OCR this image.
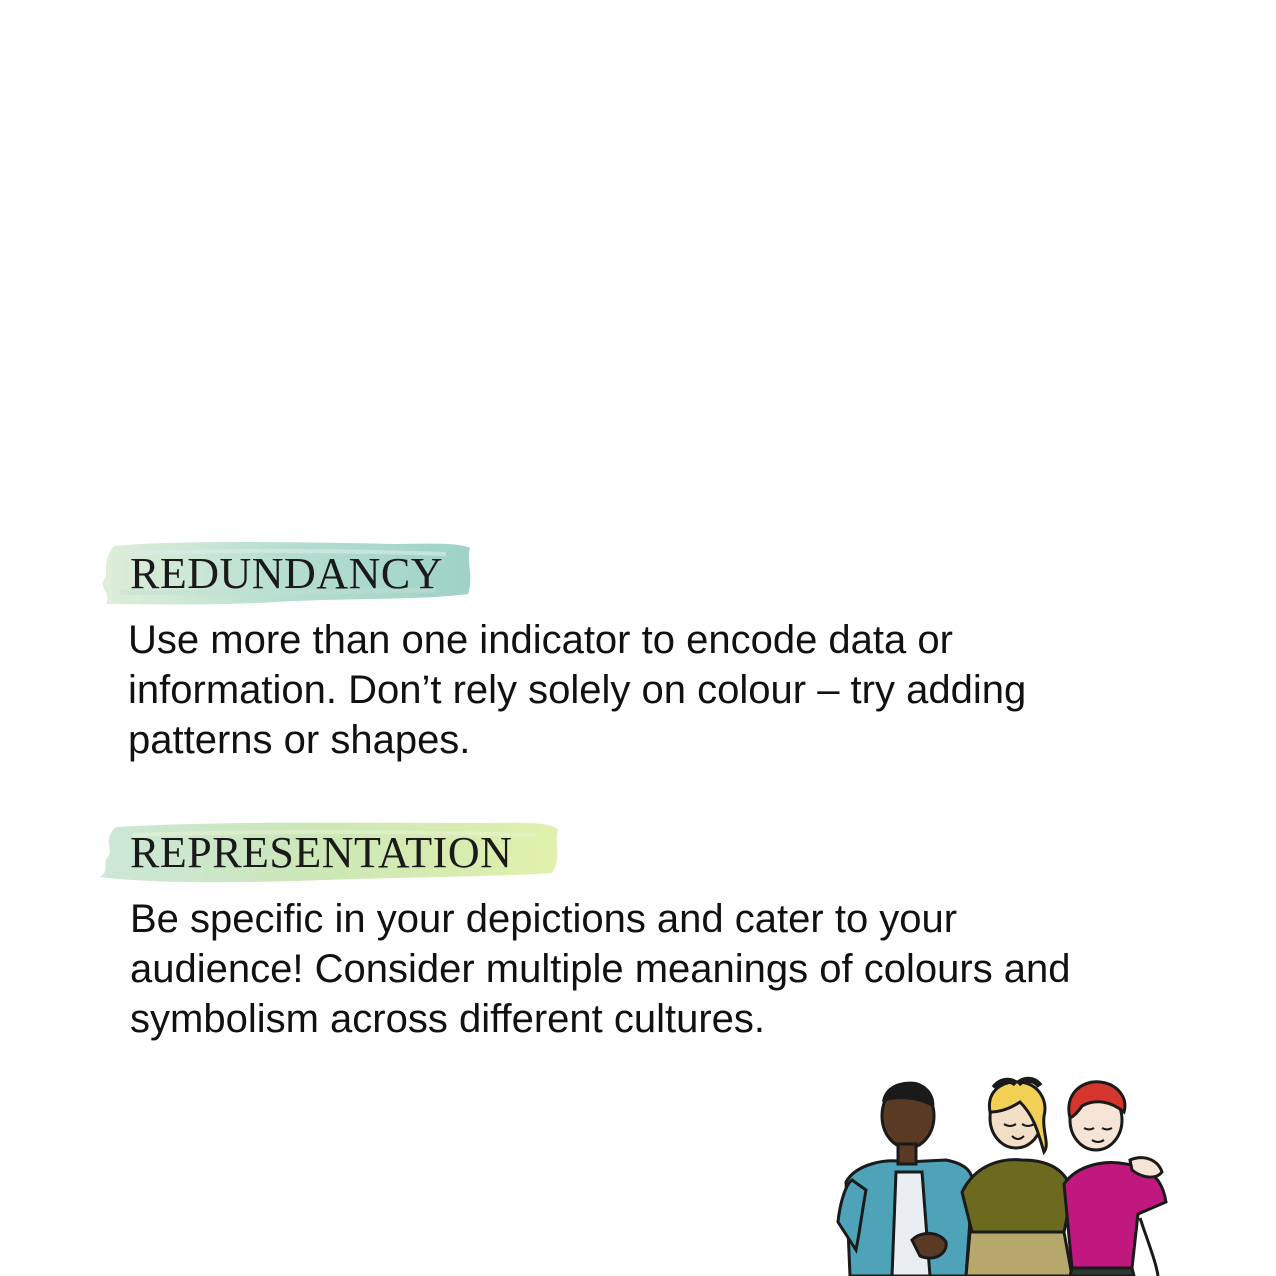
REDUNDANCY

Use more than one indicator to encode data or information. Don’t rely solely on colour – try adding patterns or shapes.

REPRESENTATION

Be specific in your depictions and cater to your audience! Consider multiple meanings of colours and symbolism across different cultures.
